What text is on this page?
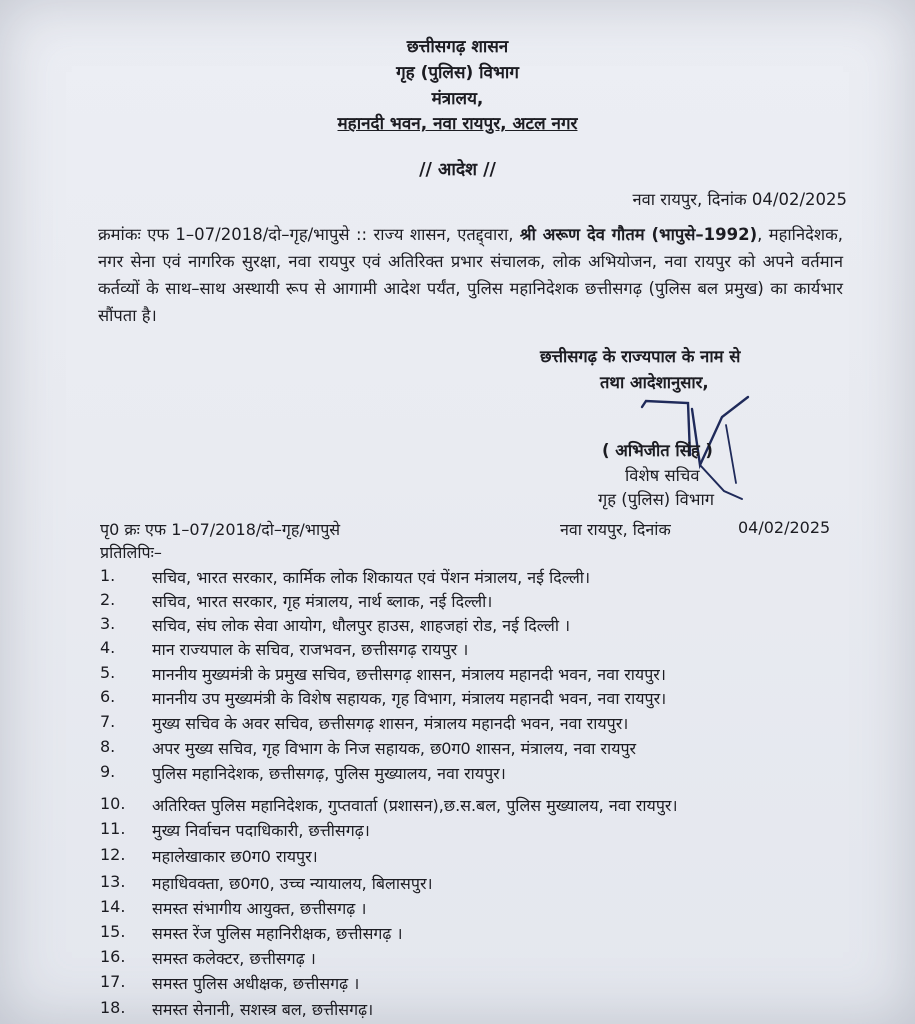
छत्तीसगढ़ शासन
गृह (पुलिस) विभाग
मंत्रालय,
महानदी भवन, नवा रायपुर, अटल नगर
// आदेश //
नवा रायपुर, दिनांक 04/02/2025
क्रमांकः एफ 1–07/2018/दो–गृह/भापुसे :: राज्य शासन, एतद्द्वारा, श्री अरूण देव गौतम (भापुसे–1992), महानिदेशक, नगर सेना एवं नागरिक सुरक्षा, नवा रायपुर एवं अतिरिक्त प्रभार संचालक, लोक अभियोजन, नवा रायपुर को अपने वर्तमान कर्तव्यों के साथ–साथ अस्थायी रूप से आगामी आदेश पर्यंत, पुलिस महानिदेशक छत्तीसगढ़ (पुलिस बल प्रमुख) का कार्यभार सौंपता है।
छत्तीसगढ़ के राज्यपाल के नाम से
तथा आदेशानुसार,
( अभिजीत सिंह )
विशेष सचिव
गृह (पुलिस) विभाग
पृ0 क्रः एफ 1–07/2018/दो–गृह/भापुसे	नवा रायपुर, दिनांक	04/02/2025
प्रतिलिपिः–
1.	सचिव, भारत सरकार, कार्मिक लोक शिकायत एवं पेंशन मंत्रालय, नई दिल्ली।
2.	सचिव, भारत सरकार, गृह मंत्रालय, नार्थ ब्लाक, नई दिल्ली।
3.	सचिव, संघ लोक सेवा आयोग, धौलपुर हाउस, शाहजहां रोड, नई दिल्ली ।
4.	मान राज्यपाल के सचिव, राजभवन, छत्तीसगढ़ रायपुर ।
5.	माननीय मुख्यमंत्री के प्रमुख सचिव, छत्तीसगढ़ शासन, मंत्रालय महानदी भवन, नवा रायपुर।
6.	माननीय उप मुख्यमंत्री के विशेष सहायक, गृह विभाग, मंत्रालय महानदी भवन, नवा रायपुर।
7.	मुख्य सचिव के अवर सचिव, छत्तीसगढ़ शासन, मंत्रालय महानदी भवन, नवा रायपुर।
8.	अपर मुख्य सचिव, गृह विभाग के निज सहायक, छ0ग0 शासन, मंत्रालय, नवा रायपुर
9.	पुलिस महानिदेशक, छत्तीसगढ़, पुलिस मुख्यालय, नवा रायपुर।
10.	अतिरिक्त पुलिस महानिदेशक, गुप्तवार्ता (प्रशासन),छ.स.बल, पुलिस मुख्यालय, नवा रायपुर।
11.	मुख्य निर्वाचन पदाधिकारी, छत्तीसगढ़।
12.	महालेखाकार छ0ग0 रायपुर।
13.	महाधिवक्ता, छ0ग0, उच्च न्यायालय, बिलासपुर।
14.	समस्त संभागीय आयुक्त, छत्तीसगढ़ ।
15.	समस्त रेंज पुलिस महानिरीक्षक, छत्तीसगढ़ ।
16.	समस्त कलेक्टर, छत्तीसगढ़ ।
17.	समस्त पुलिस अधीक्षक, छत्तीसगढ़ ।
18.	समस्त सेनानी, सशस्त्र बल, छत्तीसगढ़।
